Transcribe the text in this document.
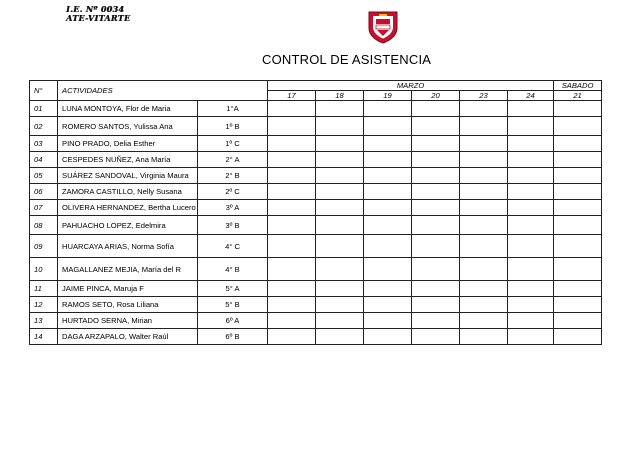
I.E. Nº 0034
ATE-VITARTE
CONTROL DE ASISTENCIA
N°	ACTIVIDADES		MARZO						SABADO
			17	18	19	20	23	24	21
01	LUNA MONTOYA, Flor de Maria	1°A							
02	ROMERO SANTOS, Yulissa Ana	1º B							
03	PINO PRADO, Delia Esther	1º C							
04	CESPEDES NUÑEZ, Ana María	2° A							
05	SUÁREZ SANDOVAL, Virginia Maura	2° B							
06	ZAMORA CASTILLO, Nelly Susana	2º C							
07	OLIVERA HERNANDEZ, Bertha Lucero	3º A							
08	PAHUACHO LOPEZ, Edelmira	3º B							
09	HUARCAYA ARIAS, Norma Sofía	4° C							
10	MAGALLANEZ MEJIA, María del R	4° B							
11	JAIME PINCA, Maruja F	5° A							
12	RAMOS SETO, Rosa Liliana	5° B							
13	HURTADO SERNA, Mirian	6º A							
14	DAGA ARZAPALO, Walter Raúl	6º B							
